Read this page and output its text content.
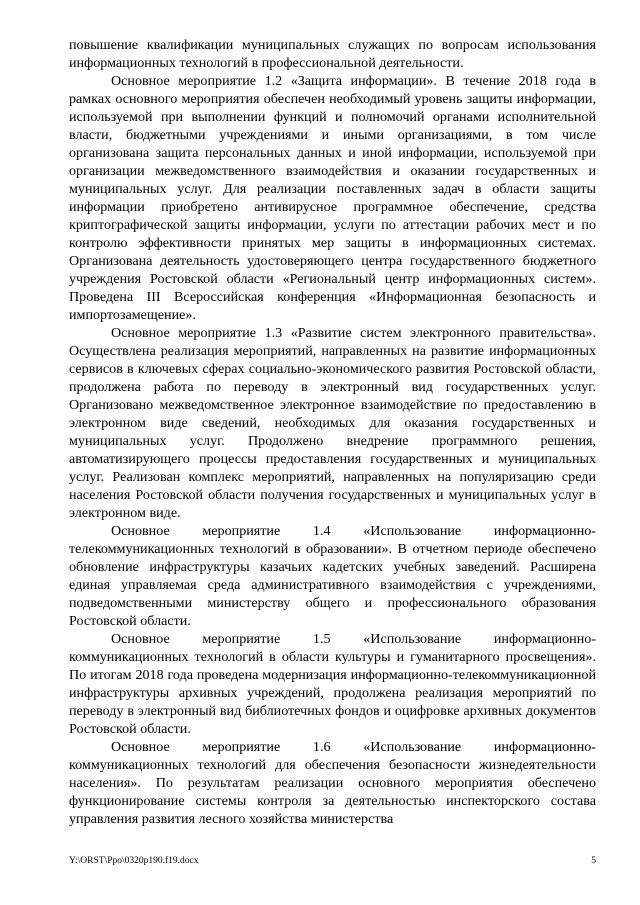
повышение квалификации муниципальных служащих по вопросам использования информационных технологий в профессиональной деятельности.

Основное мероприятие 1.2 «Защита информации». В течение 2018 года в рамках основного мероприятия обеспечен необходимый уровень защиты информации, используемой при выполнении функций и полномочий органами исполнительной власти, бюджетными учреждениями и иными организациями, в том числе организована защита персональных данных и иной информации, используемой при организации межведомственного взаимодействия и оказании государственных и муниципальных услуг. Для реализации поставленных задач в области защиты информации приобретено антивирусное программное обеспечение, средства криптографической защиты информации, услуги по аттестации рабочих мест и по контролю эффективности принятых мер защиты в информационных системах. Организована деятельность удостоверяющего центра государственного бюджетного учреждения Ростовской области «Региональный центр информационных систем». Проведена III Всероссийская конференция «Информационная безопасность и импортозамещение».

Основное мероприятие 1.3 «Развитие систем электронного правительства». Осуществлена реализация мероприятий, направленных на развитие информационных сервисов в ключевых сферах социально-экономического развития Ростовской области, продолжена работа по переводу в электронный вид государственных услуг. Организовано межведомственное электронное взаимодействие по предоставлению в электронном виде сведений, необходимых для оказания государственных и муниципальных услуг. Продолжено внедрение программного решения, автоматизирующего процессы предоставления государственных и муниципальных услуг. Реализован комплекс мероприятий, направленных на популяризацию среди населения Ростовской области получения государственных и муниципальных услуг в электронном виде.

Основное мероприятие 1.4 «Использование информационно-телекоммуникационных технологий в образовании». В отчетном периоде обеспечено обновление инфраструктуры казачьих кадетских учебных заведений. Расширена единая управляемая среда административного взаимодействия с учреждениями, подведомственными министерству общего и профессионального образования Ростовской области.

Основное мероприятие 1.5 «Использование информационно-коммуникационных технологий в области культуры и гуманитарного просвещения». По итогам 2018 года проведена модернизация информационно-телекоммуникационной инфраструктуры архивных учреждений, продолжена реализация мероприятий по переводу в электронный вид библиотечных фондов и оцифровке архивных документов Ростовской области.

Основное мероприятие 1.6 «Использование информационно-коммуникационных технологий для обеспечения безопасности жизнедеятельности населения». По результатам реализации основного мероприятия обеспечено функционирование системы контроля за деятельностью инспекторского состава управления развития лесного хозяйства министерства

Y:\ORST\Ppo\0320p190.f19.docx	5
